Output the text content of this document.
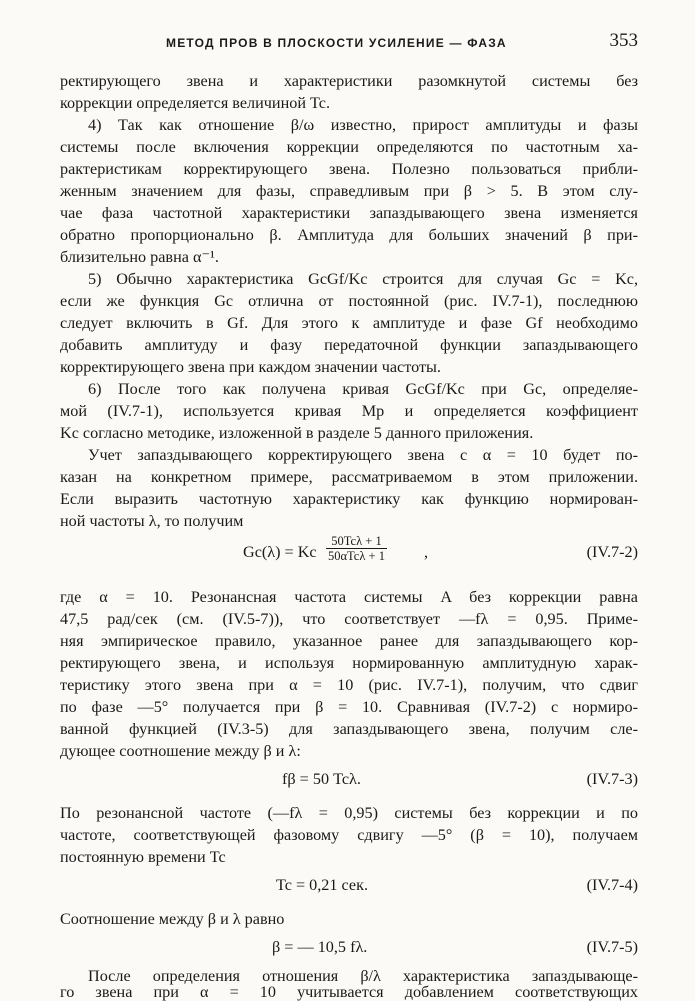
МЕТОД ПРОВ В ПЛОСКОСТИ УСИЛЕНИЕ — ФАЗА	353
ректирующего звена и характеристики разомкнутой системы без
коррекции определяется величиной Tc.
4) Так как отношение β/ω известно, прирост амплитуды и фазы
системы после включения коррекции определяются по частотным ха-
рактеристикам корректирующего звена. Полезно пользоваться прибли-
женным значением для фазы, справедливым при β > 5. В этом слу-
чае фаза частотной характеристики запаздывающего звена изменяется
обратно пропорционально β. Амплитуда для больших значений β при-
близительно равна α⁻¹.
5) Обычно характеристика GcGf/Kc строится для случая Gc = Kc,
если же функция Gc отлична от постоянной (рис. IV.7-1), последнюю
следует включить в Gf. Для этого к амплитуде и фазе Gf необходимо
добавить амплитуду и фазу передаточной функции запаздывающего
корректирующего звена при каждом значении частоты.
6) После того как получена кривая GcGf/Kc при Gc, определяе-
мой (IV.7-1), используется кривая Mp и определяется коэффициент
Kc согласно методике, изложенной в разделе 5 данного приложения.
Учет запаздывающего корректирующего звена с α = 10 будет по-
казан на конкретном примере, рассматриваемом в этом приложении.
Если выразить частотную характеристику как функцию нормирован-
ной частоты λ, то получим
Gc(λ) = Kc
50Tcλ + 1
50αTcλ + 1 ,	(IV.7-2)
где α = 10. Резонансная частота системы A без коррекции равна
47,5 рад/сек (см. (IV.5-7)), что соответствует —fλ = 0,95. Приме-
няя эмпирическое правило, указанное ранее для запаздывающего кор-
ректирующего звена, и используя нормированную амплитудную харак-
теристику этого звена при α = 10 (рис. IV.7-1), получим, что сдвиг
по фазе —5° получается при β = 10. Сравнивая (IV.7-2) с нормиро-
ванной функцией (IV.3-5) для запаздывающего звена, получим сле-
дующее соотношение между β и λ:
fβ = 50 Tcλ.	(IV.7-3)
По резонансной частоте (—fλ = 0,95) системы без коррекции и по
частоте, соответствующей фазовому сдвигу —5° (β = 10), получаем
постоянную времени Tc
Tc = 0,21 сек.	(IV.7-4)
Соотношение между β и λ равно
β = — 10,5 fλ.	(IV.7-5)
После определения отношения β/λ характеристика запаздывающе-
го звена при α = 10 учитывается добавлением соответствующих
